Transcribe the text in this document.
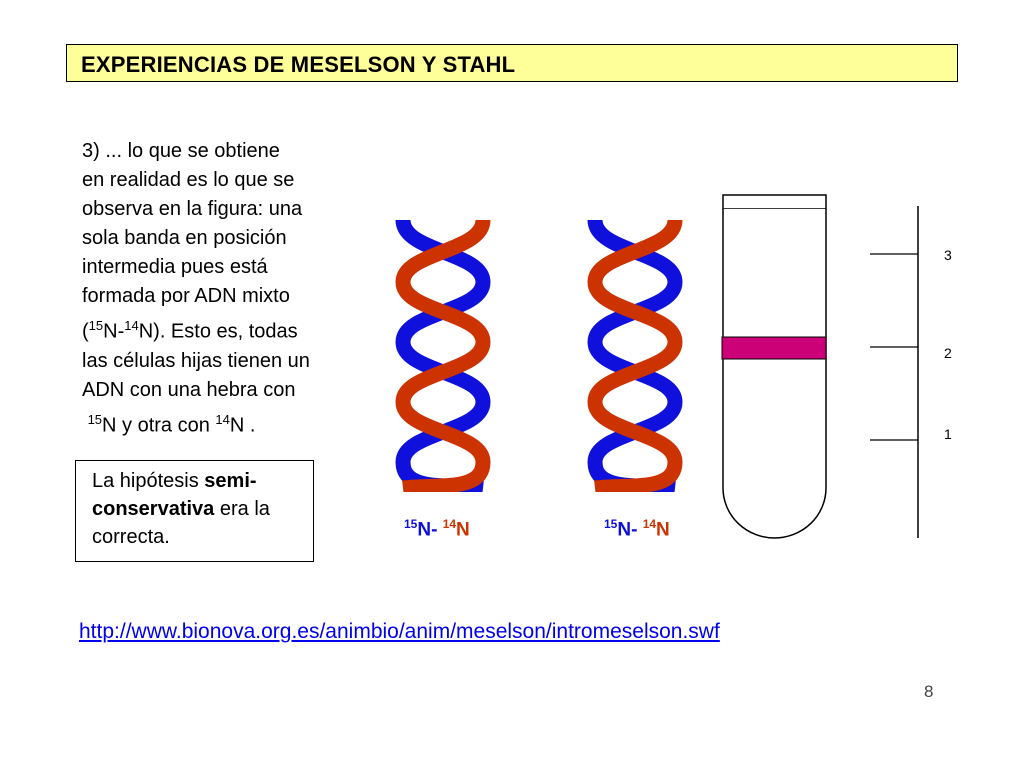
EXPERIENCIAS DE MESELSON Y STAHL

3) ... lo que se obtiene

en realidad es lo que se

observa en la figura: una

sola banda en posición

intermedia pues está

formada por ADN mixto

($^{15}$N-$^{14}$N). Esto es, todas

las células hijas tienen un

ADN con una hebra con

$^{15}$N y otra con $^{14}$N .

La hipótesis semi-conservativa era la correcta.
$^{15}$N- $^{14}$N	$^{15}$N- $^{14}$N
3
2
1
http://www.bionova.org.es/animbio/anim/meselson/intromeselson.swf
8
